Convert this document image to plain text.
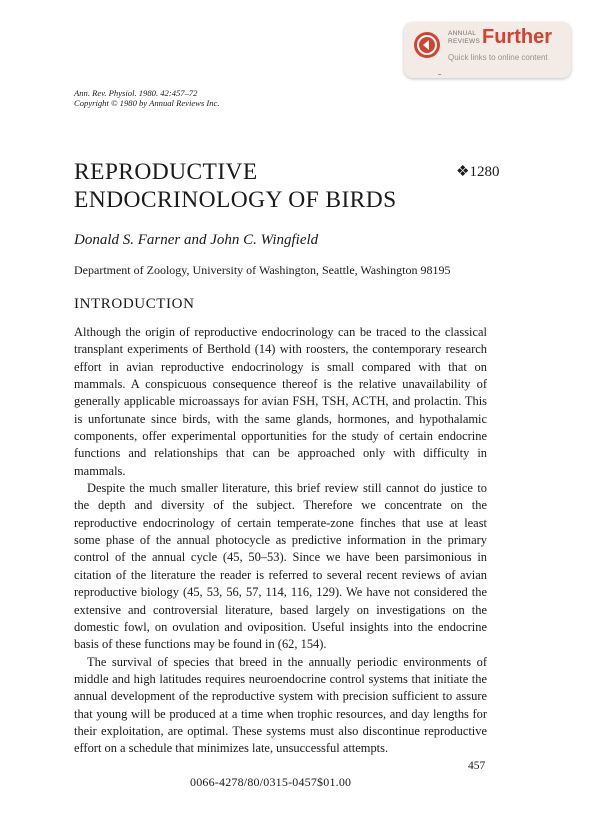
ANNUAL
REVIEWS Further
Quick links to online content
Ann. Rev. Physiol. 1980. 42:457–72
Copyright © 1980 by Annual Reviews Inc.
REPRODUCTIVE
ENDOCRINOLOGY OF BIRDS
❖1280
Donald S. Farner and John C. Wingfield
Department of Zoology, University of Washington, Seattle, Washington 98195
INTRODUCTION

Although the origin of reproductive endocrinology can be traced to the classical transplant experiments of Berthold (14) with roosters, the contemporary research effort in avian reproductive endocrinology is small compared with that on mammals. A conspicuous consequence thereof is the relative unavailability of generally applicable microassays for avian FSH, TSH, ACTH, and prolactin. This is unfortunate since birds, with the same glands, hormones, and hypothalamic components, offer experimental opportunities for the study of certain endocrine functions and relationships that can be approached only with difficulty in mammals.

Despite the much smaller literature, this brief review still cannot do justice to the depth and diversity of the subject. Therefore we concentrate on the reproductive endocrinology of certain temperate-zone finches that use at least some phase of the annual photocycle as predictive information in the primary control of the annual cycle (45, 50–53). Since we have been parsimonious in citation of the literature the reader is referred to several recent reviews of avian reproductive biology (45, 53, 56, 57, 114, 116, 129). We have not considered the extensive and controversial literature, based largely on investigations on the domestic fowl, on ovulation and oviposition. Useful insights into the endocrine basis of these functions may be found in (62, 154).

The survival of species that breed in the annually periodic environments of middle and high latitudes requires neuroendocrine control systems that initiate the annual development of the reproductive system with precision sufficient to assure that young will be produced at a time when trophic resources, and day lengths for their exploitation, are optimal. These systems must also discontinue reproductive effort on a schedule that minimizes late, unsuccessful attempts.

457
0066-4278/80/0315-0457$01.00
